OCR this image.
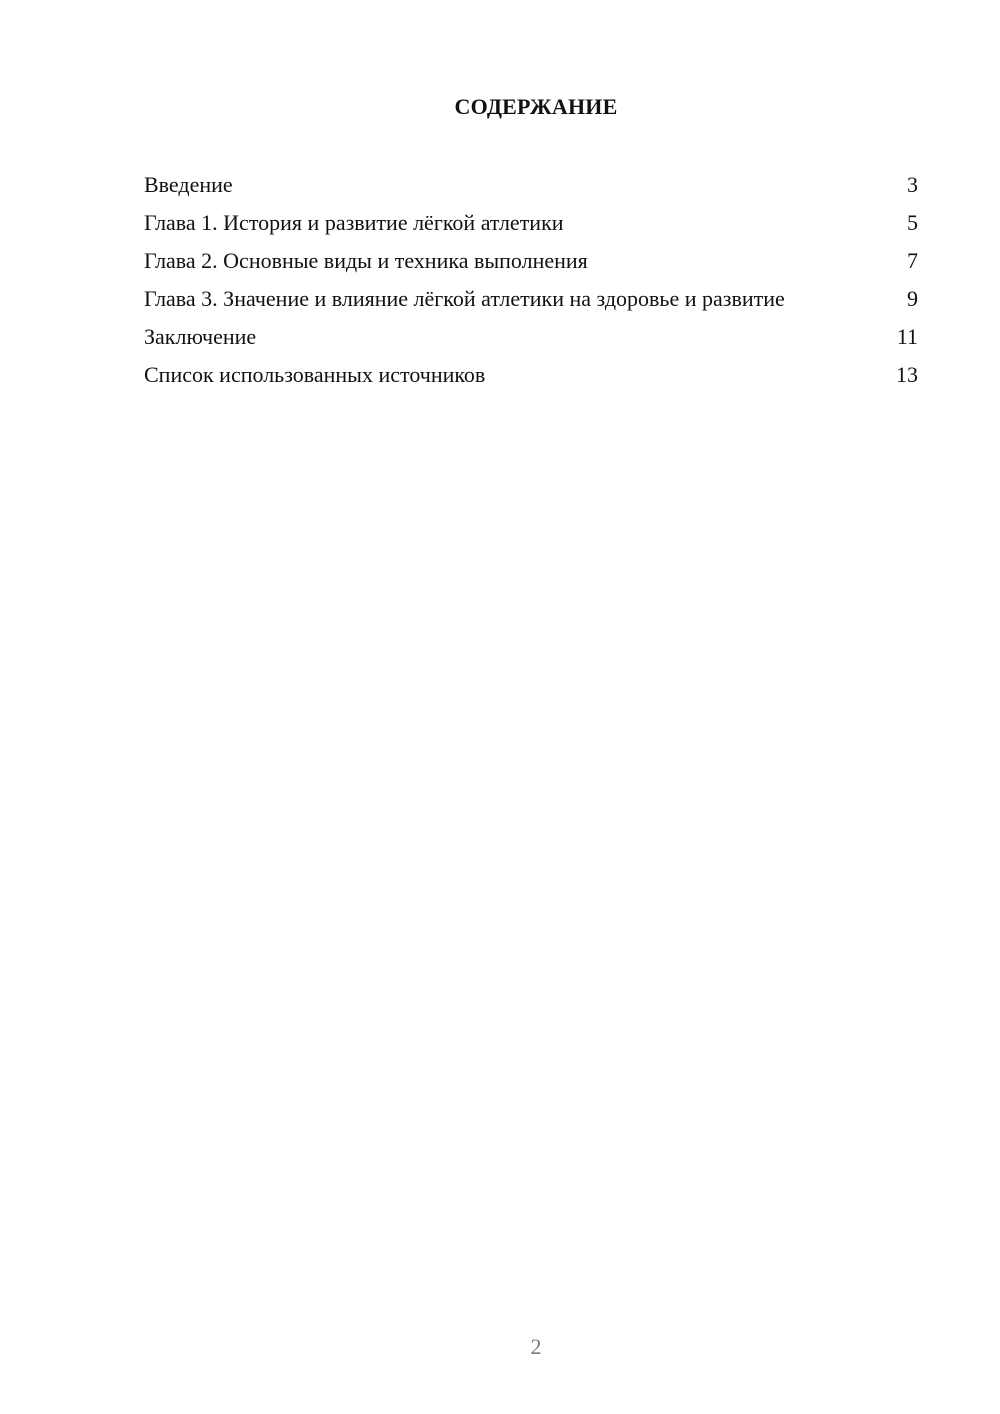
СОДЕРЖАНИЕ
Введение	3
Глава 1. История и развитие лёгкой атлетики	5
Глава 2. Основные виды и техника выполнения	7
Глава 3. Значение и влияние лёгкой атлетики на здоровье и развитие	9
Заключение	11
Список использованных источников	13
2
